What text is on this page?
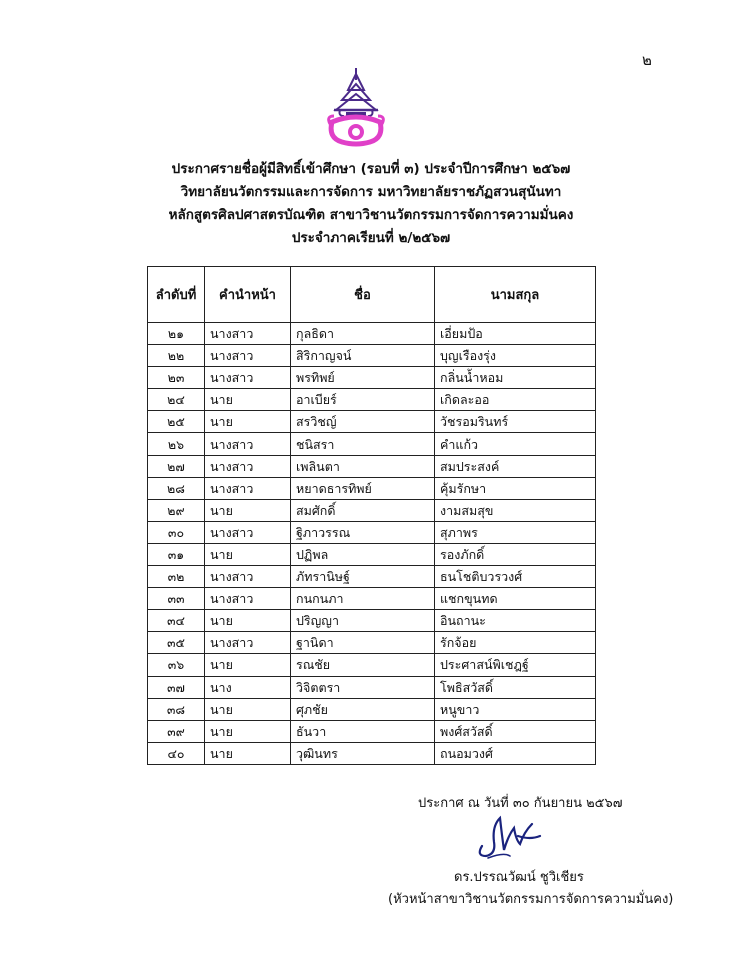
๒
ประกาศรายชื่อผู้มีสิทธิ์เข้าศึกษา (รอบที่ ๓) ประจำปีการศึกษา ๒๕๖๗
วิทยาลัยนวัตกรรมและการจัดการ มหาวิทยาลัยราชภัฏสวนสุนันทา
หลักสูตรศิลปศาสตรบัณฑิต สาขาวิชานวัตกรรมการจัดการความมั่นคง
ประจำภาคเรียนที่ ๒/๒๕๖๗
ลำดับที่	คำนำหน้า	ชื่อ	นามสกุล
๒๑	นางสาว	กุลธิดา	เอี่ยมป้อ
๒๒	นางสาว	สิริกาญจน์	บุญเรืองรุ่ง
๒๓	นางสาว	พรทิพย์	กลิ่นน้ำหอม
๒๔	นาย	อาเบียร์	เกิดละออ
๒๕	นาย	สรวิชญ์	วัชรอมรินทร์
๒๖	นางสาว	ชนิสรา	คำแก้ว
๒๗	นางสาว	เพลินตา	สมประสงค์
๒๘	นางสาว	หยาดธารทิพย์	คุ้มรักษา
๒๙	นาย	สมศักดิ์	งามสมสุข
๓๐	นางสาว	ฐิภาวรรณ	สุภาพร
๓๑	นาย	ปฏิพล	รองภักดิ์
๓๒	นางสาว	ภัทรานิษฐ์	ธนโชติบวรวงศ์
๓๓	นางสาว	กนกนภา	แชกขุนทด
๓๔	นาย	ปริญญา	อินถานะ
๓๕	นางสาว	ฐานิดา	รักจ้อย
๓๖	นาย	รณชัย	ประศาสน์พิเชฎฐ์
๓๗	นาง	วิจิตตรา	โพธิสวัสดิ์
๓๘	นาย	ศุภชัย	หนูขาว
๓๙	นาย	ธันวา	พงศ์สวัสดิ์
๔๐	นาย	วุฒินทร	ถนอมวงศ์
ประกาศ ณ วันที่ ๓๐ กันยายน ๒๕๖๗
ดร.ปรรณวัฒน์ ชูวิเชียร
(หัวหน้าสาขาวิชานวัตกรรมการจัดการความมั่นคง)
